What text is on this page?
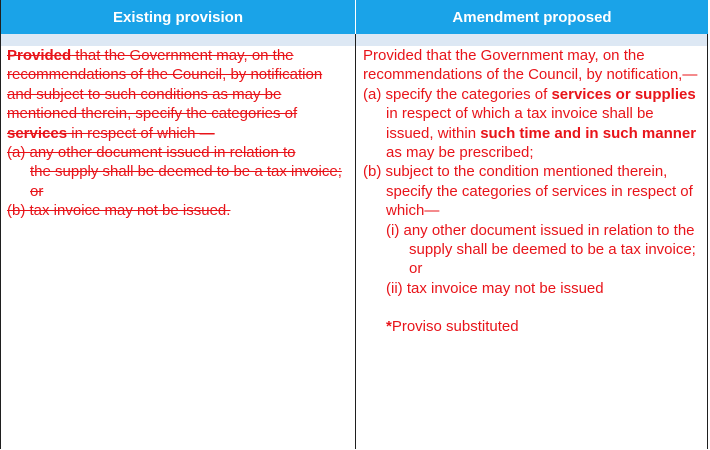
Existing provision	Amendment proposed
Provided that the Government may, on the recommendations of the Council, by notification and subject to such conditions as may be mentioned therein, specify the categories of services in respect of which —
(a) any other document issued in relation to
the supply shall be deemed to be a tax invoice; or
(b) tax invoice may not be issued.
Provided that the Government may, on the recommendations of the Council, by notification,—
(a) specify the categories of services or supplies in respect of which a tax invoice shall be issued, within such time and in such manner as may be prescribed;
(b) subject to the condition mentioned therein, specify the categories of services in respect of which—
(i) any other document issued in relation to the supply shall be deemed to be a tax invoice; or
(ii) tax invoice may not be issued
*Proviso substituted
